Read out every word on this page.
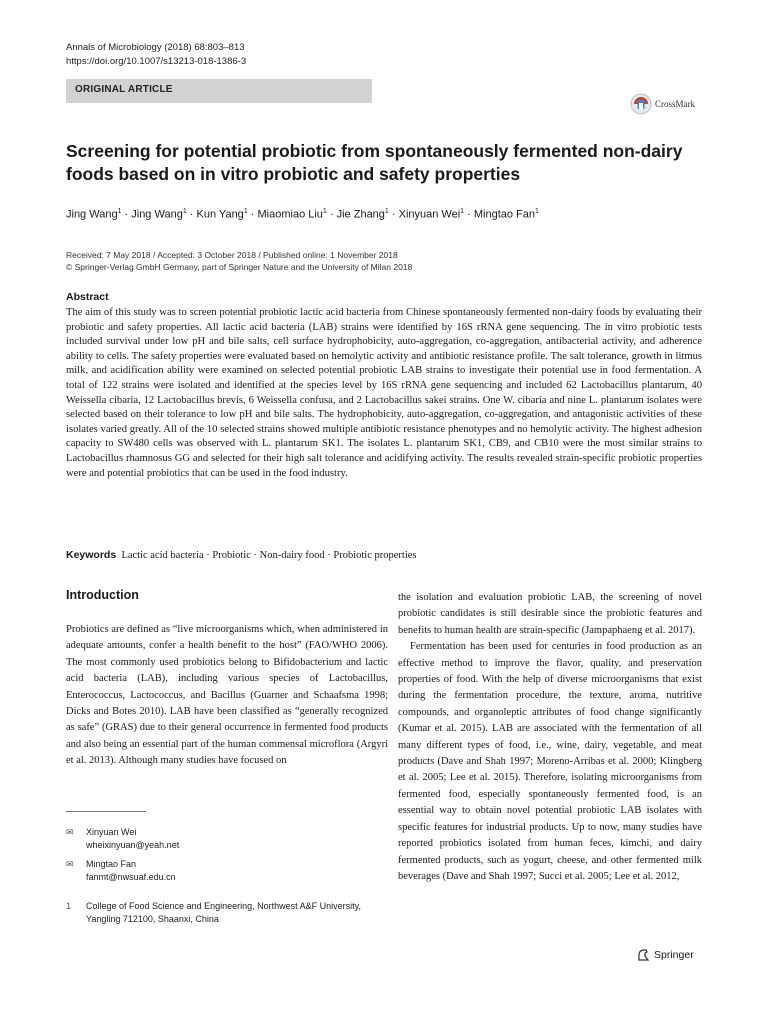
Annals of Microbiology (2018) 68:803–813
https://doi.org/10.1007/s13213-018-1386-3
ORIGINAL ARTICLE
CrossMark
Screening for potential probiotic from spontaneously fermented non-dairy foods based on in vitro probiotic and safety properties
Jing Wang$^1$ · Jing Wang$^1$ · Kun Yang$^1$ · Miaomiao Liu$^1$ · Jie Zhang$^1$ · Xinyuan Wei$^1$ · Mingtao Fan$^1$
Received: 7 May 2018 / Accepted: 3 October 2018 / Published online: 1 November 2018
© Springer-Verlag GmbH Germany, part of Springer Nature and the University of Milan 2018
Abstract

The aim of this study was to screen potential probiotic lactic acid bacteria from Chinese spontaneously fermented non-dairy foods by evaluating their probiotic and safety properties. All lactic acid bacteria (LAB) strains were identified by 16S rRNA gene sequencing. The in vitro probiotic tests included survival under low pH and bile salts, cell surface hydrophobicity, auto-aggregation, co-aggregation, antibacterial activity, and adherence ability to cells. The safety properties were evaluated based on hemolytic activity and antibiotic resistance profile. The salt tolerance, growth in litmus milk, and acidification ability were examined on selected potential probiotic LAB strains to investigate their potential use in food fermentation. A total of 122 strains were isolated and identified at the species level by 16S rRNA gene sequencing and included 62 Lactobacillus plantarum, 40 Weissella cibaria, 12 Lactobacillus brevis, 6 Weissella confusa, and 2 Lactobacillus sakei strains. One W. cibaria and nine L. plantarum isolates were selected based on their tolerance to low pH and bile salts. The hydrophobicity, auto-aggregation, co-aggregation, and antagonistic activities of these isolates varied greatly. All of the 10 selected strains showed multiple antibiotic resistance phenotypes and no hemolytic activity. The highest adhesion capacity to SW480 cells was observed with L. plantarum SK1. The isolates L. plantarum SK1, CB9, and CB10 were the most similar strains to Lactobacillus rhamnosus GG and selected for their high salt tolerance and acidifying activity. The results revealed strain-specific probiotic properties were and potential probiotics that can be used in the food industry.

Keywords Lactic acid bacteria · Probiotic · Non-dairy food · Probiotic properties
Introduction

Probiotics are defined as “live microorganisms which, when administered in adequate amounts, confer a health benefit to the host” (FAO/WHO 2006). The most commonly used probiotics belong to Bifidobacterium and lactic acid bacteria (LAB), including various species of Lactobacillus, Enterococcus, Lactococcus, and Bacillus (Guarner and Schaafsma 1998; Dicks and Botes 2010). LAB have been classified as “generally recognized as safe” (GRAS) due to their general occurrence in fermented food products and also being an essential part of the human commensal microflora (Argyri et al. 2013). Although many studies have focused on

the isolation and evaluation probiotic LAB, the screening of novel probiotic candidates is still desirable since the probiotic features and benefits to human health are strain-specific (Jampaphaeng et al. 2017).

Fermentation has been used for centuries in food production as an effective method to improve the flavor, quality, and preservation properties of food. With the help of diverse microorganisms that exist during the fermentation procedure, the texture, aroma, nutritive compounds, and organoleptic attributes of food change significantly (Kumar et al. 2015). LAB are associated with the fermentation of all many different types of food, i.e., wine, dairy, vegetable, and meat products (Dave and Shah 1997; Moreno-Arribas et al. 2000; Klingberg et al. 2005; Lee et al. 2015). Therefore, isolating microorganisms from fermented food, especially spontaneously fermented food, is an essential way to obtain novel potential probiotic LAB isolates with specific features for industrial products. Up to now, many studies have reported probiotics isolated from human feces, kimchi, and dairy fermented products, such as yogurt, cheese, and other fermented milk beverages (Dave and Shah 1997; Succi et al. 2005; Lee et al. 2012,

✉	Xinyuan Wei
wheixinyuan@yeah.net
✉	Mingtao Fan
fanmt@nwsuaf.edu.cn
1	College of Food Science and Engineering, Northwest A&F University, Yangling 712100, Shaanxi, China
Springer
